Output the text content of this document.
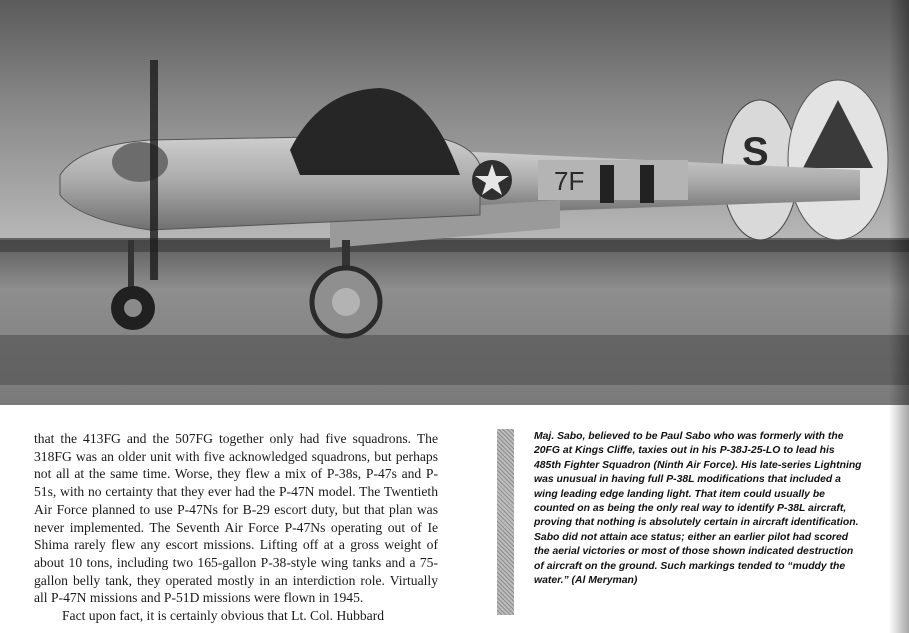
S
7F

that the 413FG and the 507FG together only had five squadrons. The 318FG was an older unit with five acknowledged squadrons, but perhaps not all at the same time. Worse, they flew a mix of P-38s, P-47s and P-51s, with no certainty that they ever had the P-47N model. The Twentieth Air Force planned to use P-47Ns for B-29 escort duty, but that plan was never implemented. The Seventh Air Force P-47Ns operating out of Ie Shima rarely flew any escort missions. Lifting off at a gross weight of about 10 tons, including two 165-gallon P-38-style wing tanks and a 75-gallon belly tank, they operated mostly in an interdiction role. Virtually all P-47N missions and P-51D missions were flown in 1945.

Fact upon fact, it is certainly obvious that Lt. Col. Hubbard

Maj. Sabo, believed to be Paul Sabo who was formerly with the 20FG at Kings Cliffe, taxies out in his P-38J-25-LO to lead his 485th Fighter Squadron (Ninth Air Force). His late-series Lightning was unusual in having full P-38L modifications that included a wing leading edge landing light. That item could usually be counted on as being the only real way to identify P-38L aircraft, proving that nothing is absolutely certain in aircraft identification. Sabo did not attain ace status; either an earlier pilot had scored the aerial victories or most of those shown indicated destruction of aircraft on the ground. Such markings tended to “muddy the water.” (Al Meryman)
